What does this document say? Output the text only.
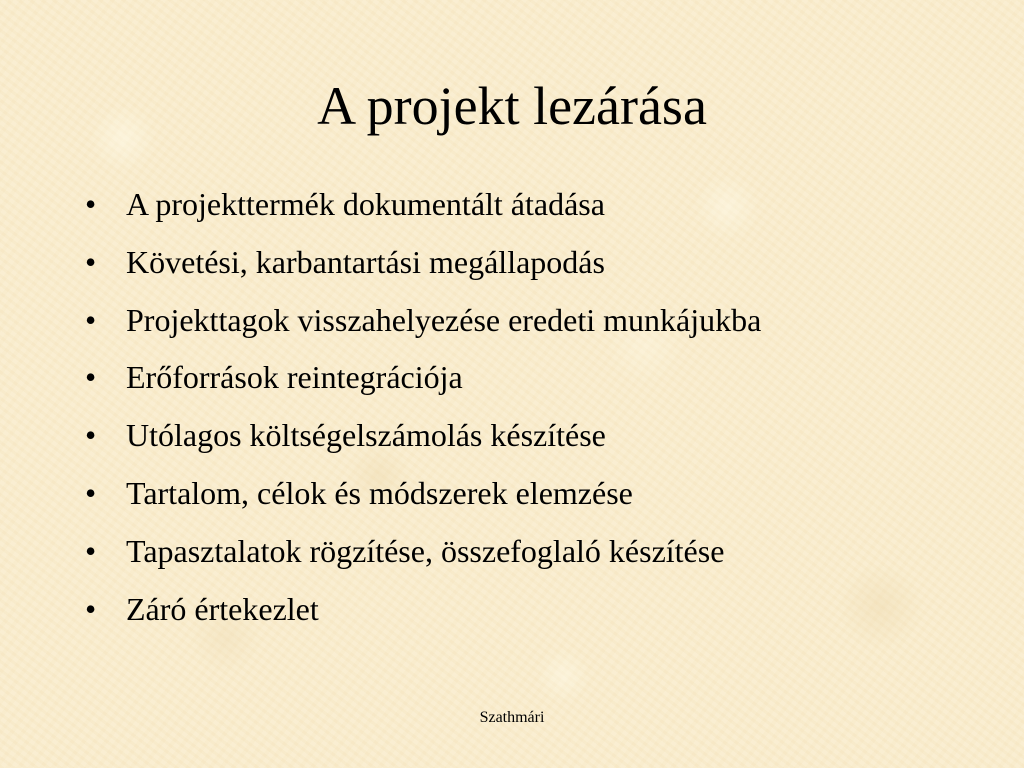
A projekt lezárása
• A projekttermék dokumentált átadása
• Követési, karbantartási megállapodás
• Projekttagok visszahelyezése eredeti munkájukba
• Erőforrások reintegrációja
• Utólagos költségelszámolás készítése
• Tartalom, célok és módszerek elemzése
• Tapasztalatok rögzítése, összefoglaló készítése
• Záró értekezlet
Szathmári
